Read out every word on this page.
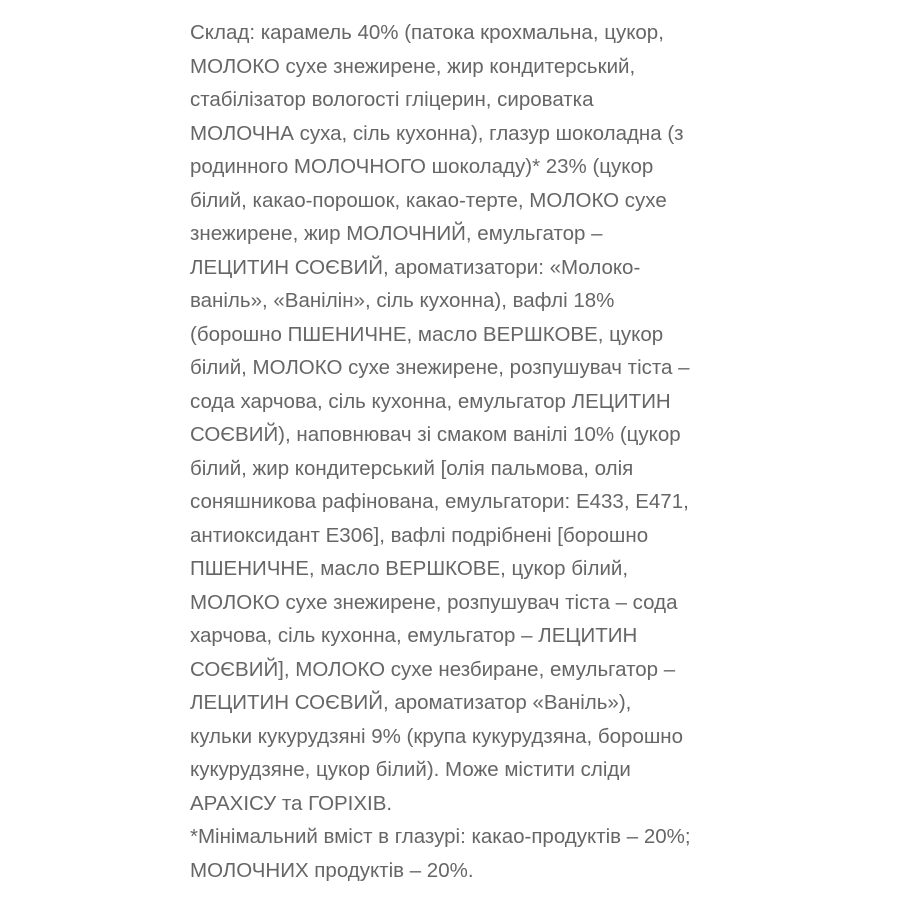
Склад: карамель 40% (патока крохмальна, цукор,
МОЛОКО сухе знежирене, жир кондитерський,
стабілізатор вологості гліцерин, сироватка
МОЛОЧНА суха, сіль кухонна), глазур шоколадна (з
родинного МОЛОЧНОГО шоколаду)* 23% (цукор
білий, какао-порошок, какао-терте, МОЛОКО сухе
знежирене, жир МОЛОЧНИЙ, емульгатор –
ЛЕЦИТИН СОЄВИЙ, ароматизатори: «Молоко-
ваніль», «Ванілін», сіль кухонна), вафлі 18%
(борошно ПШЕНИЧНЕ, масло ВЕРШКОВЕ, цукор
білий, МОЛОКО сухе знежирене, розпушувач тіста –
сода харчова, сіль кухонна, емульгатор ЛЕЦИТИН
СОЄВИЙ), наповнювач зі смаком ванілі 10% (цукор
білий, жир кондитерський [олія пальмова, олія
соняшникова рафінована, емульгатори: Е433, Е471,
антиоксидант Е306], вафлі подрібнені [борошно
ПШЕНИЧНЕ, масло ВЕРШКОВЕ, цукор білий,
МОЛОКО сухе знежирене, розпушувач тіста – сода
харчова, сіль кухонна, емульгатор – ЛЕЦИТИН
СОЄВИЙ], МОЛОКО сухе незбиране, емульгатор –
ЛЕЦИТИН СОЄВИЙ, ароматизатор «Ваніль»),
кульки кукурудзяні 9% (крупа кукурудзяна, борошно
кукурудзяне, цукор білий). Може містити сліди
АРАХІСУ та ГОРІХІВ.
*Мінімальний вміст в глазурі: какао-продуктів – 20%;
МОЛОЧНИХ продуктів – 20%.
